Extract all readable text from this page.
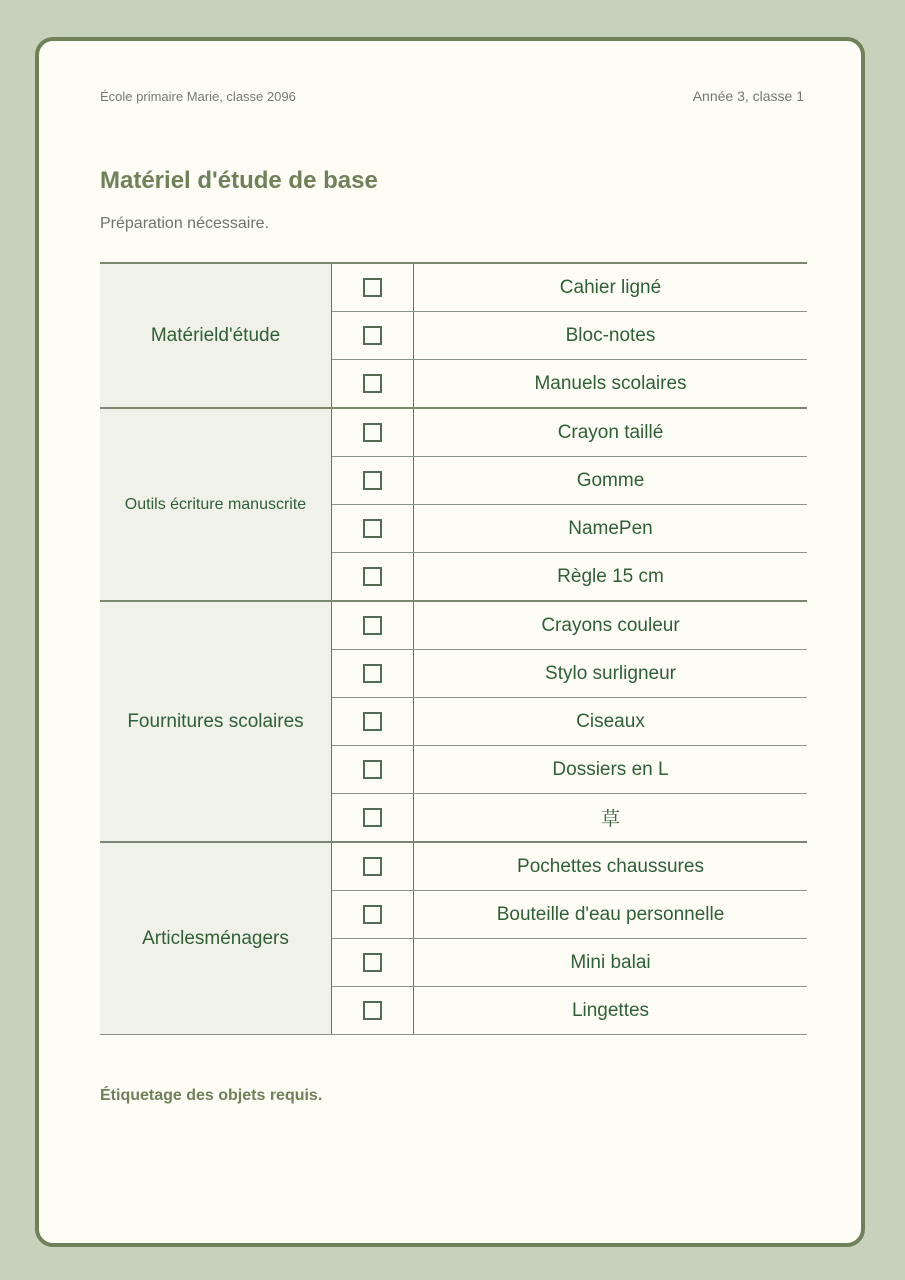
École primaire Marie, classe 2096	Année 3, classe 1
Matériel d'étude de base
Préparation nécessaire.
Matérield'étude		Cahier ligné
		Bloc-notes
		Manuels scolaires
Outils écriture manuscrite		Crayon taillé
		Gomme
		NamePen
		Règle 15 cm
Fournitures scolaires		Crayons couleur
		Stylo surligneur
		Ciseaux
		Dossiers en L
		草
Articlesménagers		Pochettes chaussures
		Bouteille d'eau personnelle
		Mini balai
		Lingettes
Étiquetage des objets requis.
